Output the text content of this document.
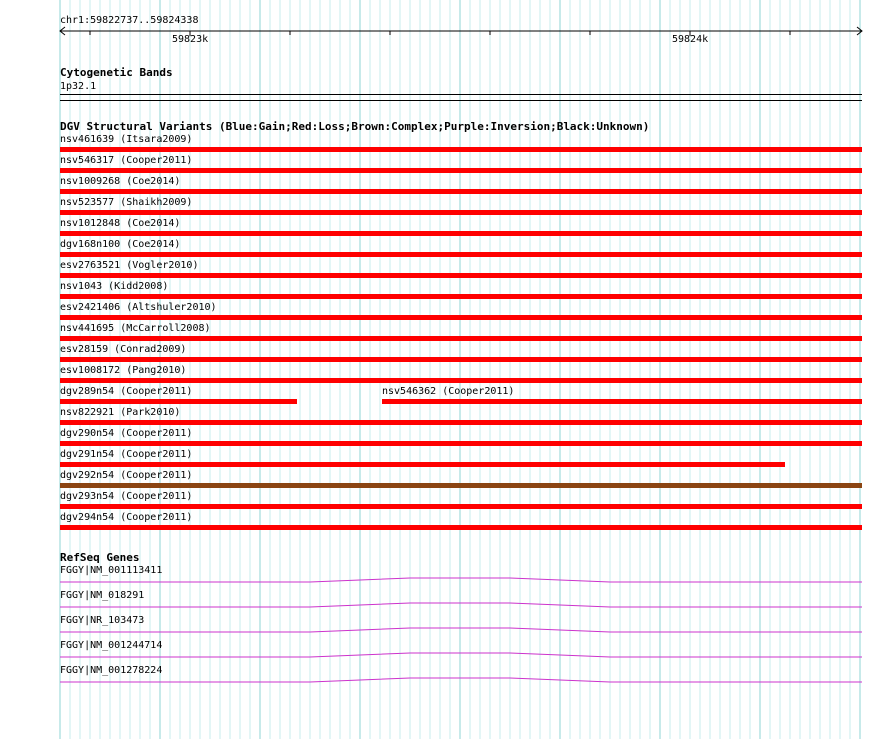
chr1:59822737..59824338
59823k	59824k
Cytogenetic Bands
1p32.1
DGV Structural Variants (Blue:Gain;Red:Loss;Brown:Complex;Purple:Inversion;Black:Unknown)
nsv461639 (Itsara2009)
nsv546317 (Cooper2011)
nsv1009268 (Coe2014)
nsv523577 (Shaikh2009)
nsv1012848 (Coe2014)
dgv168n100 (Coe2014)
esv2763521 (Vogler2010)
nsv1043 (Kidd2008)
esv2421406 (Altshuler2010)
nsv441695 (McCarroll2008)
esv28159 (Conrad2009)
esv1008172 (Pang2010)
dgv289n54 (Cooper2011)	nsv546362 (Cooper2011)
nsv822921 (Park2010)
dgv290n54 (Cooper2011)
dgv291n54 (Cooper2011)
dgv292n54 (Cooper2011)
dgv293n54 (Cooper2011)
dgv294n54 (Cooper2011)
RefSeq Genes
FGGY|NM_001113411
FGGY|NM_018291
FGGY|NR_103473
FGGY|NM_001244714
FGGY|NM_001278224
